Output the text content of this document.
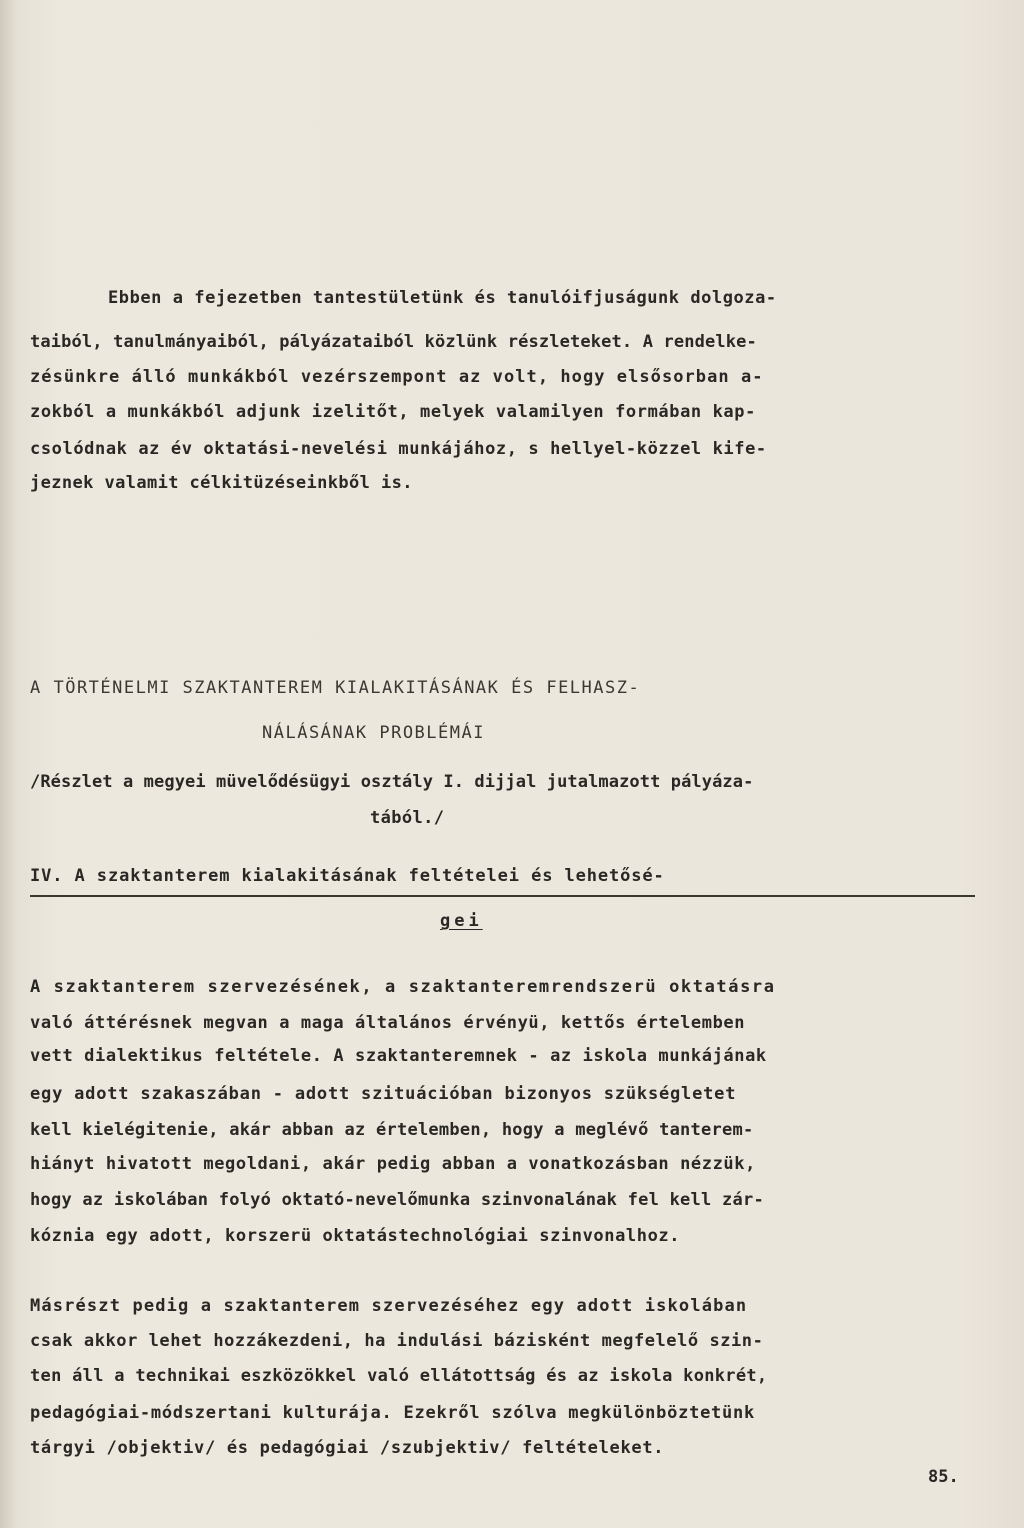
Ebben a fejezetben tantestületünk és tanulóifjuságunk dolgoza-
taiból, tanulmányaiból, pályázataiból közlünk részleteket. A rendelke-
zésünkre álló munkákból vezérszempont az volt, hogy elsősorban a-
zokból a munkákból adjunk izelitőt, melyek valamilyen formában kap-
csolódnak az év oktatási-nevelési munkájához, s hellyel-közzel kife-
jeznek valamit célkitüzéseinkből is.
A TÖRTÉNELMI SZAKTANTEREM KIALAKITÁSÁNAK ÉS FELHASZ-
NÁLÁSÁNAK PROBLÉMÁI
/Részlet a megyei müvelődésügyi osztály I. dijjal jutalmazott pályáza-
tából./
IV. A szaktanterem kialakitásának feltételei és lehetősé-
gei
A szaktanterem szervezésének, a szaktanteremrendszerü oktatásra
való áttérésnek megvan a maga általános érvényü, kettős értelemben
vett dialektikus feltétele. A szaktanteremnek - az iskola munkájának
egy adott szakaszában - adott szituációban bizonyos szükségletet
kell kielégitenie, akár abban az értelemben, hogy a meglévő tanterem-
hiányt hivatott megoldani, akár pedig abban a vonatkozásban nézzük,
hogy az iskolában folyó oktató-nevelőmunka szinvonalának fel kell zár-
kóznia egy adott, korszerü oktatástechnológiai szinvonalhoz.
Másrészt pedig a szaktanterem szervezéséhez egy adott iskolában
csak akkor lehet hozzákezdeni, ha indulási bázisként megfelelő szin-
ten áll a technikai eszközökkel való ellátottság és az iskola konkrét,
pedagógiai-módszertani kulturája. Ezekről szólva megkülönböztetünk
tárgyi /objektiv/ és pedagógiai /szubjektiv/ feltételeket.
85.
